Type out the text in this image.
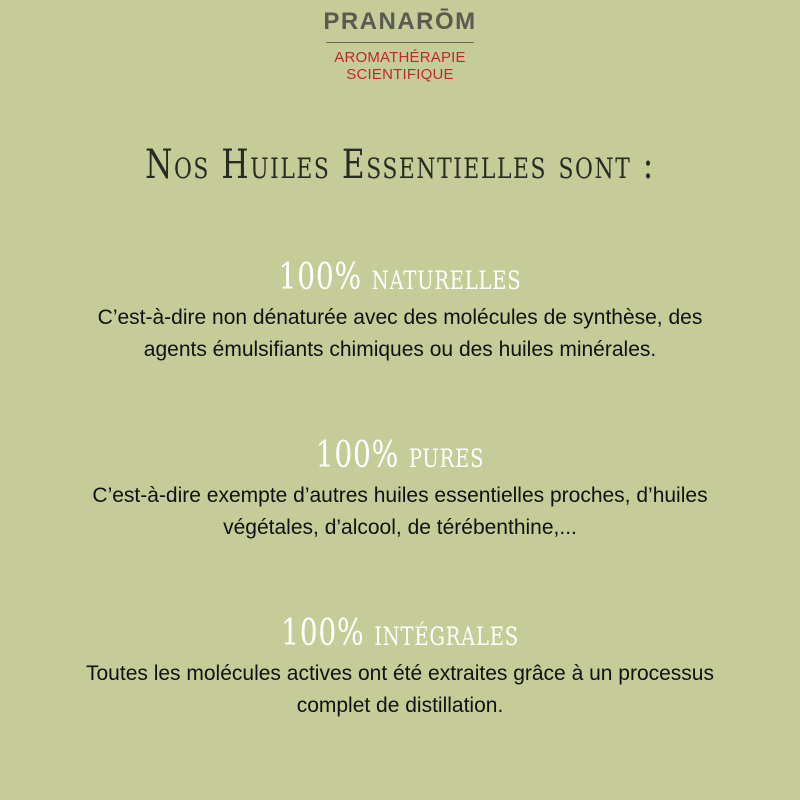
PRANARŌM
AROMATHÉRAPIE
SCIENTIFIQUE
Nos Huiles Essentielles sont :
100% naturelles
C’est-à-dire non dénaturée avec des molécules de synthèse, des
agents émulsifiants chimiques ou des huiles minérales.
100% pures
C’est-à-dire exempte d’autres huiles essentielles proches, d’huiles
végétales, d’alcool, de térébenthine,...
100% intégrales
Toutes les molécules actives ont été extraites grâce à un processus
complet de distillation.
